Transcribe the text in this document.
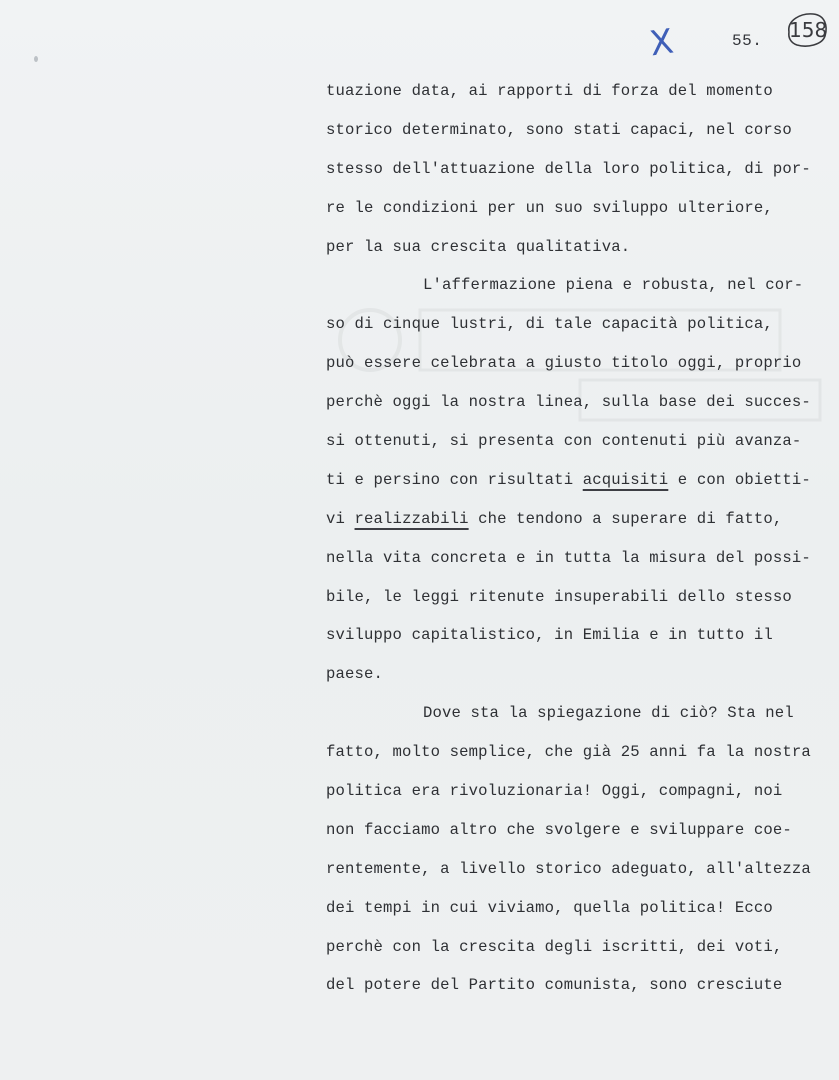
X	55. 158
tuazione data, ai rapporti di forza del momento
storico determinato, sono stati capaci, nel corso
stesso dell'attuazione della loro politica, di por-
re le condizioni per un suo sviluppo ulteriore,
per la sua crescita qualitativa.
L'affermazione piena e robusta, nel cor-
so di cinque lustri, di tale capacità politica,
può essere celebrata a giusto titolo oggi, proprio
perchè oggi la nostra linea, sulla base dei succes-
si ottenuti, si presenta con contenuti più avanza-
ti e persino con risultati acquisiti e con obietti-
vi realizzabili che tendono a superare di fatto,
nella vita concreta e in tutta la misura del possi-
bile, le leggi ritenute insuperabili dello stesso
sviluppo capitalistico, in Emilia e in tutto il
paese.
Dove sta la spiegazione di ciò? Sta nel
fatto, molto semplice, che già 25 anni fa la nostra
politica era rivoluzionaria! Oggi, compagni, noi
non facciamo altro che svolgere e sviluppare coe-
rentemente, a livello storico adeguato, all'altezza
dei tempi in cui viviamo, quella politica! Ecco
perchè con la crescita degli iscritti, dei voti,
del potere del Partito comunista, sono cresciute
